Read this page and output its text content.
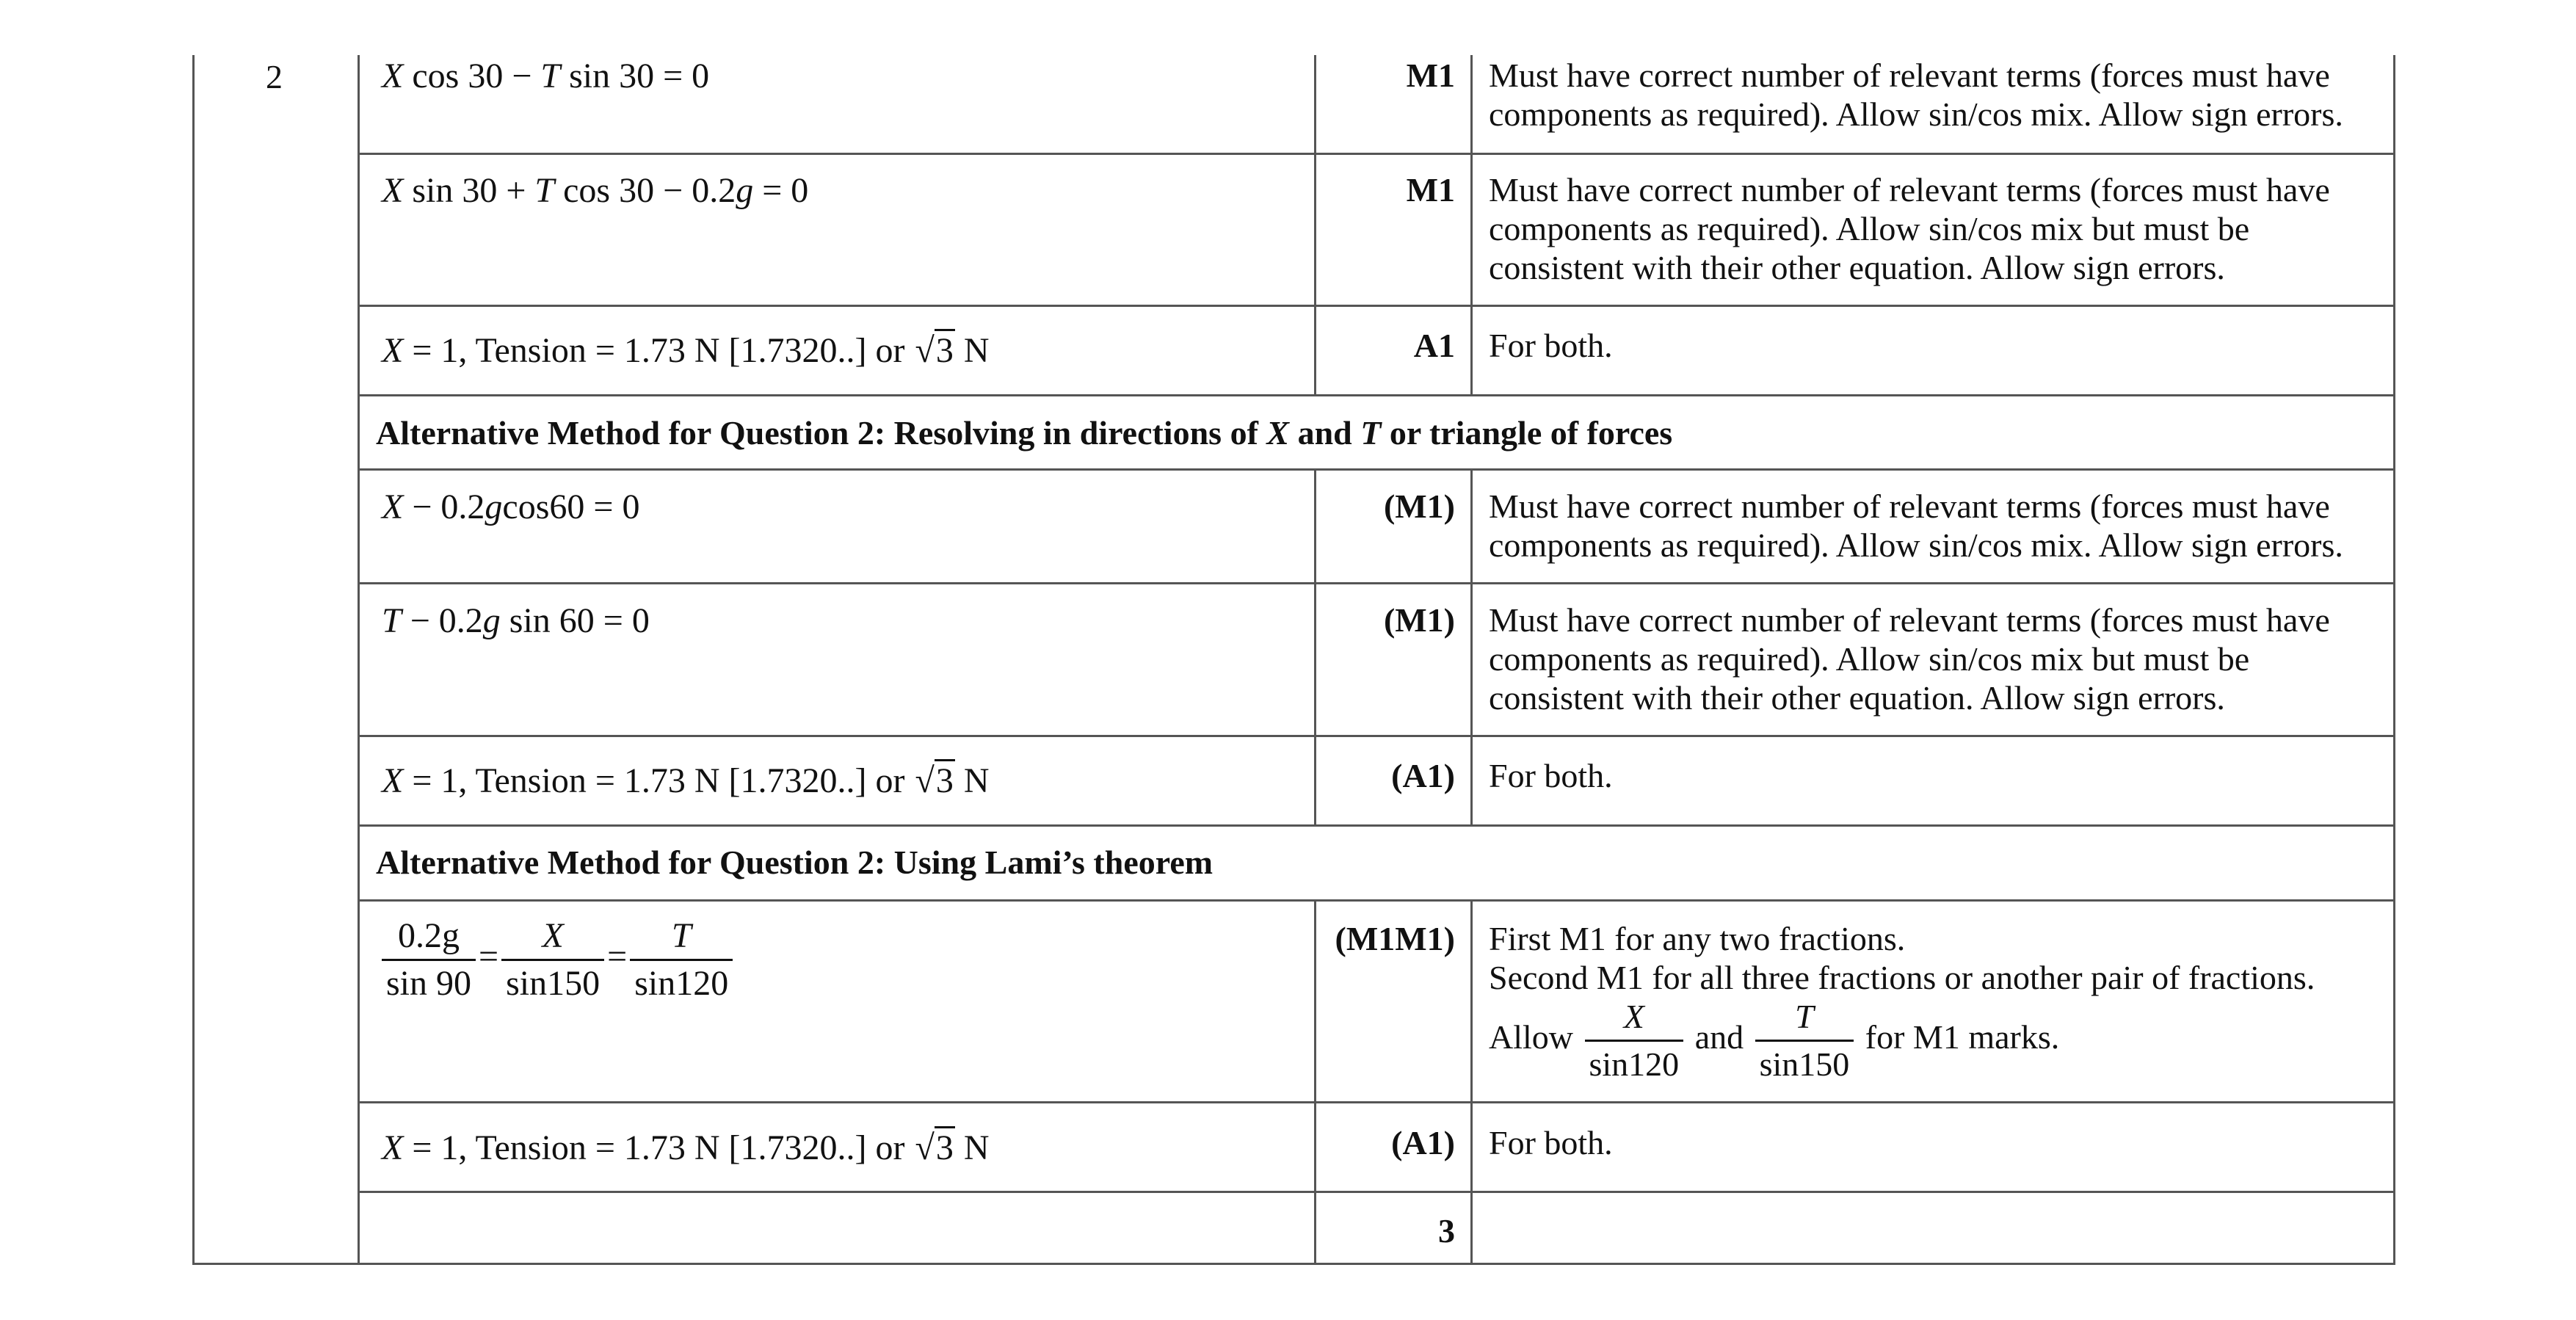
2	X cos 30 − T sin 30 = 0	M1 Must have correct number of relevant terms (forces must have
components as required). Allow sin/cos mix. Allow sign errors.
X sin 30 + T cos 30 − 0.2g = 0	M1 Must have correct number of relevant terms (forces must have
components as required). Allow sin/cos mix but must be
consistent with their other equation. Allow sign errors.
X = 1, Tension = 1.73 N [1.7320..] or √3 N	A1 For both.
Alternative Method for Question 2: Resolving in directions of X and T or triangle of forces
X − 0.2gcos60 = 0	(M1) Must have correct number of relevant terms (forces must have
components as required). Allow sin/cos mix. Allow sign errors.
T − 0.2g sin 60 = 0	(M1) Must have correct number of relevant terms (forces must have
components as required). Allow sin/cos mix but must be
consistent with their other equation. Allow sign errors.
X = 1, Tension = 1.73 N [1.7320..] or √3 N	(A1) For both.
Alternative Method for Question 2: Using Lami’s theorem
$\frac{0.2g}{\sin 90} = \frac{X}{\sin 150} = \frac{T}{\sin 120}$	(M1M1) First M1 for any two fractions.
Second M1 for all three fractions or another pair of fractions.
Allow $\frac{X}{\sin 120}$ and $\frac{T}{\sin 150}$ for M1 marks.
X = 1, Tension = 1.73 N [1.7320..] or √3 N	(A1) For both.
3
